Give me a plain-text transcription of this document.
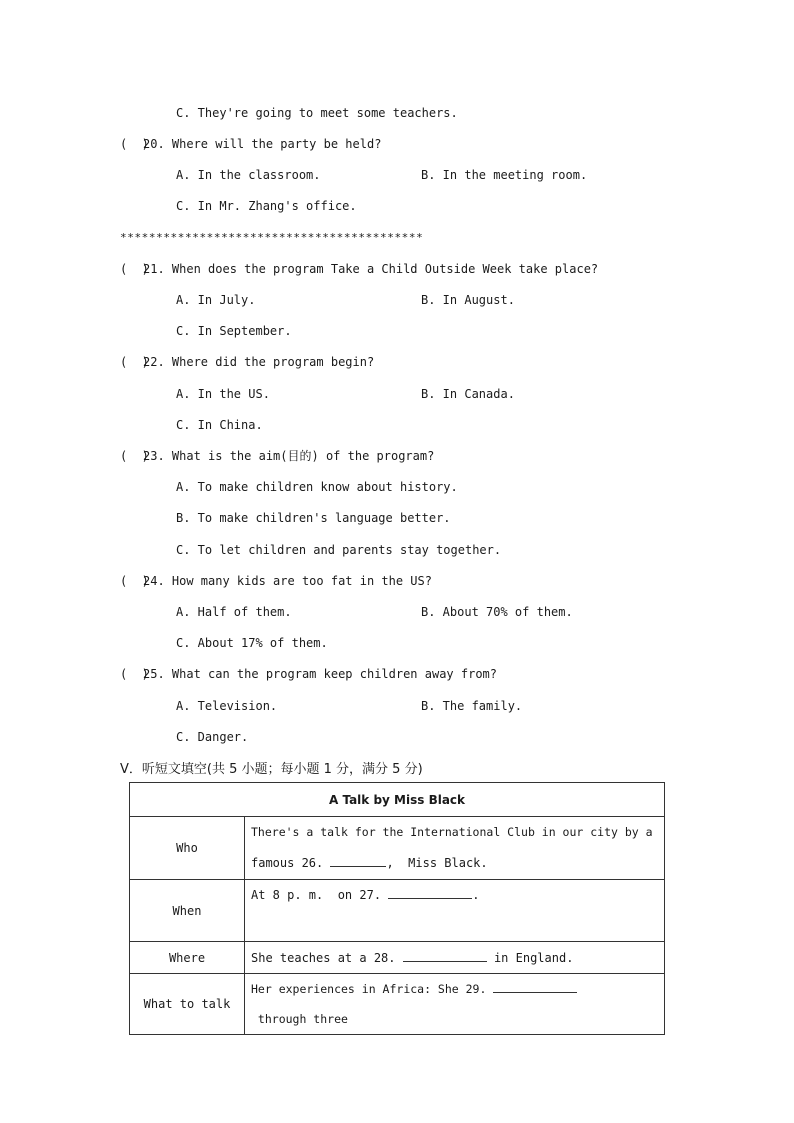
C. They're going to meet some teachers.
(  )
20. Where will the party be held?
A. In the classroom.	B. In the meeting room.
C. In Mr. Zhang's office.
******************************************
(  )
21. When does the program Take a Child Outside Week take place?
A. In July.	B. In August.
C. In September.
(  )
22. Where did the program begin?
A. In the US.	B. In Canada.
C. In China.
(  )
23. What is the aim(目的) of the program?
A. To make children know about history.
B. To make children's language better.
C. To let children and parents stay together.
(  )
24. How many kids are too fat in the US?
A. Half of them.	B. About 70% of them.
C. About 17% of them.
(  )
25. What can the program keep children away from?
A. Television.	B. The family.
C. Danger.
V．听短文填空(共 5 小题；每小题 1 分，满分 5 分)
A Talk by Miss Black	
Who	There's a talk for the International Club in our city by a
famous 26. ,  Miss Black.

When	At 8 p. m.  on 27. .

Where	She teaches at a 28. in England.
What to talk	Her experiences in Africa: She 29.  through three
